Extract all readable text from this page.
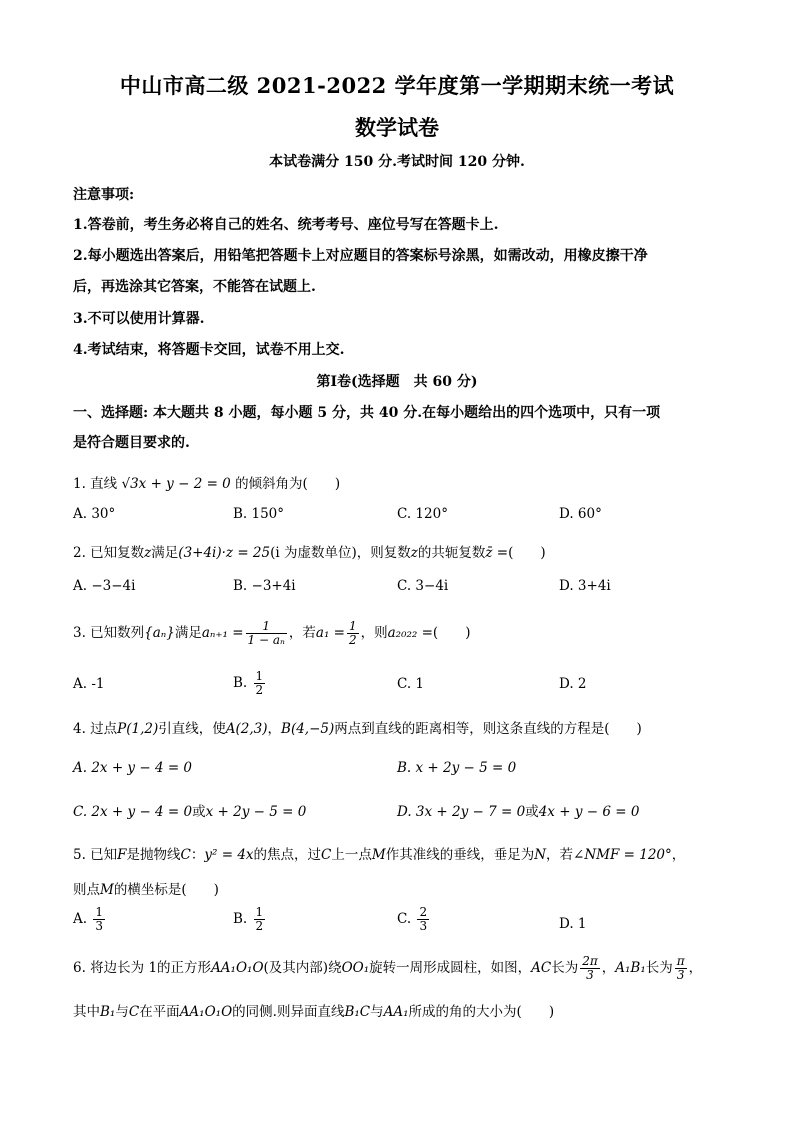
中山市高二级 2021-2022 学年度第一学期期末统一考试
数学试卷
本试卷满分 150 分.考试时间 120 分钟.
注意事项:
1.答卷前，考生务必将自己的姓名、统考考号、座位号写在答题卡上.
2.每小题选出答案后，用铅笔把答题卡上对应题目的答案标号涂黑，如需改动，用橡皮擦干净
后，再选涂其它答案，不能答在试题上.
3.不可以使用计算器.
4.考试结束，将答题卡交回，试卷不用上交.
第Ⅰ卷(选择题　共 60 分)
一、选择题: 本大题共 8 小题，每小题 5 分，共 40 分.在每小题给出的四个选项中，只有一项
是符合题目要求的.
1. 直线 √3x + y − 2 = 0 的倾斜角为(　　)
A. 30°	B. 150°	C. 120°	D. 60°
2. 已知复数z满足(3+4i)·z = 25(i 为虚数单位)，则复数z的共轭复数z̄ =(　　)
A. −3−4i	B. −3+4i	C. 3−4i	D. 3+4i
3. 已知数列{aₙ}满足$a_{n+1} = \frac{1}{\text{1 − aₙ}}$ ，若$a_1 = \frac{1}{2}$ ，则a₂₀₂₂ =(　　)
A. -1	B. $\frac{1}{2}$	C. 1	D. 2
4. 过点P(1,2)引直线，使A(2,3)，B(4,−5)两点到直线的距离相等，则这条直线的方程是(　　)
A. 2x + y − 4 = 0	B. x + 2y − 5 = 0
C. 2x + y − 4 = 0或x + 2y − 5 = 0	D. 3x + 2y − 7 = 0或4x + y − 6 = 0
5. 已知F是抛物线C：y² = 4x的焦点，过C上一点M作其准线的垂线，垂足为N，若∠NMF = 120°，
则点M的横坐标是(　　)
A. $\frac{1}{3}$	B. $\frac{1}{2}$	C. $\frac{2}{3}$	D. 1
6. 将边长为 1的正方形AA₁O₁O(及其内部)绕OO₁旋转一周形成圆柱，如图，AC长为 $\frac{2\pi}{3}$ ，A₁B₁长为 $\frac{\pi}{3}$ ，
其中B₁与C在平面AA₁O₁O的同侧.则异面直线B₁C与AA₁所成的角的大小为(　　)
